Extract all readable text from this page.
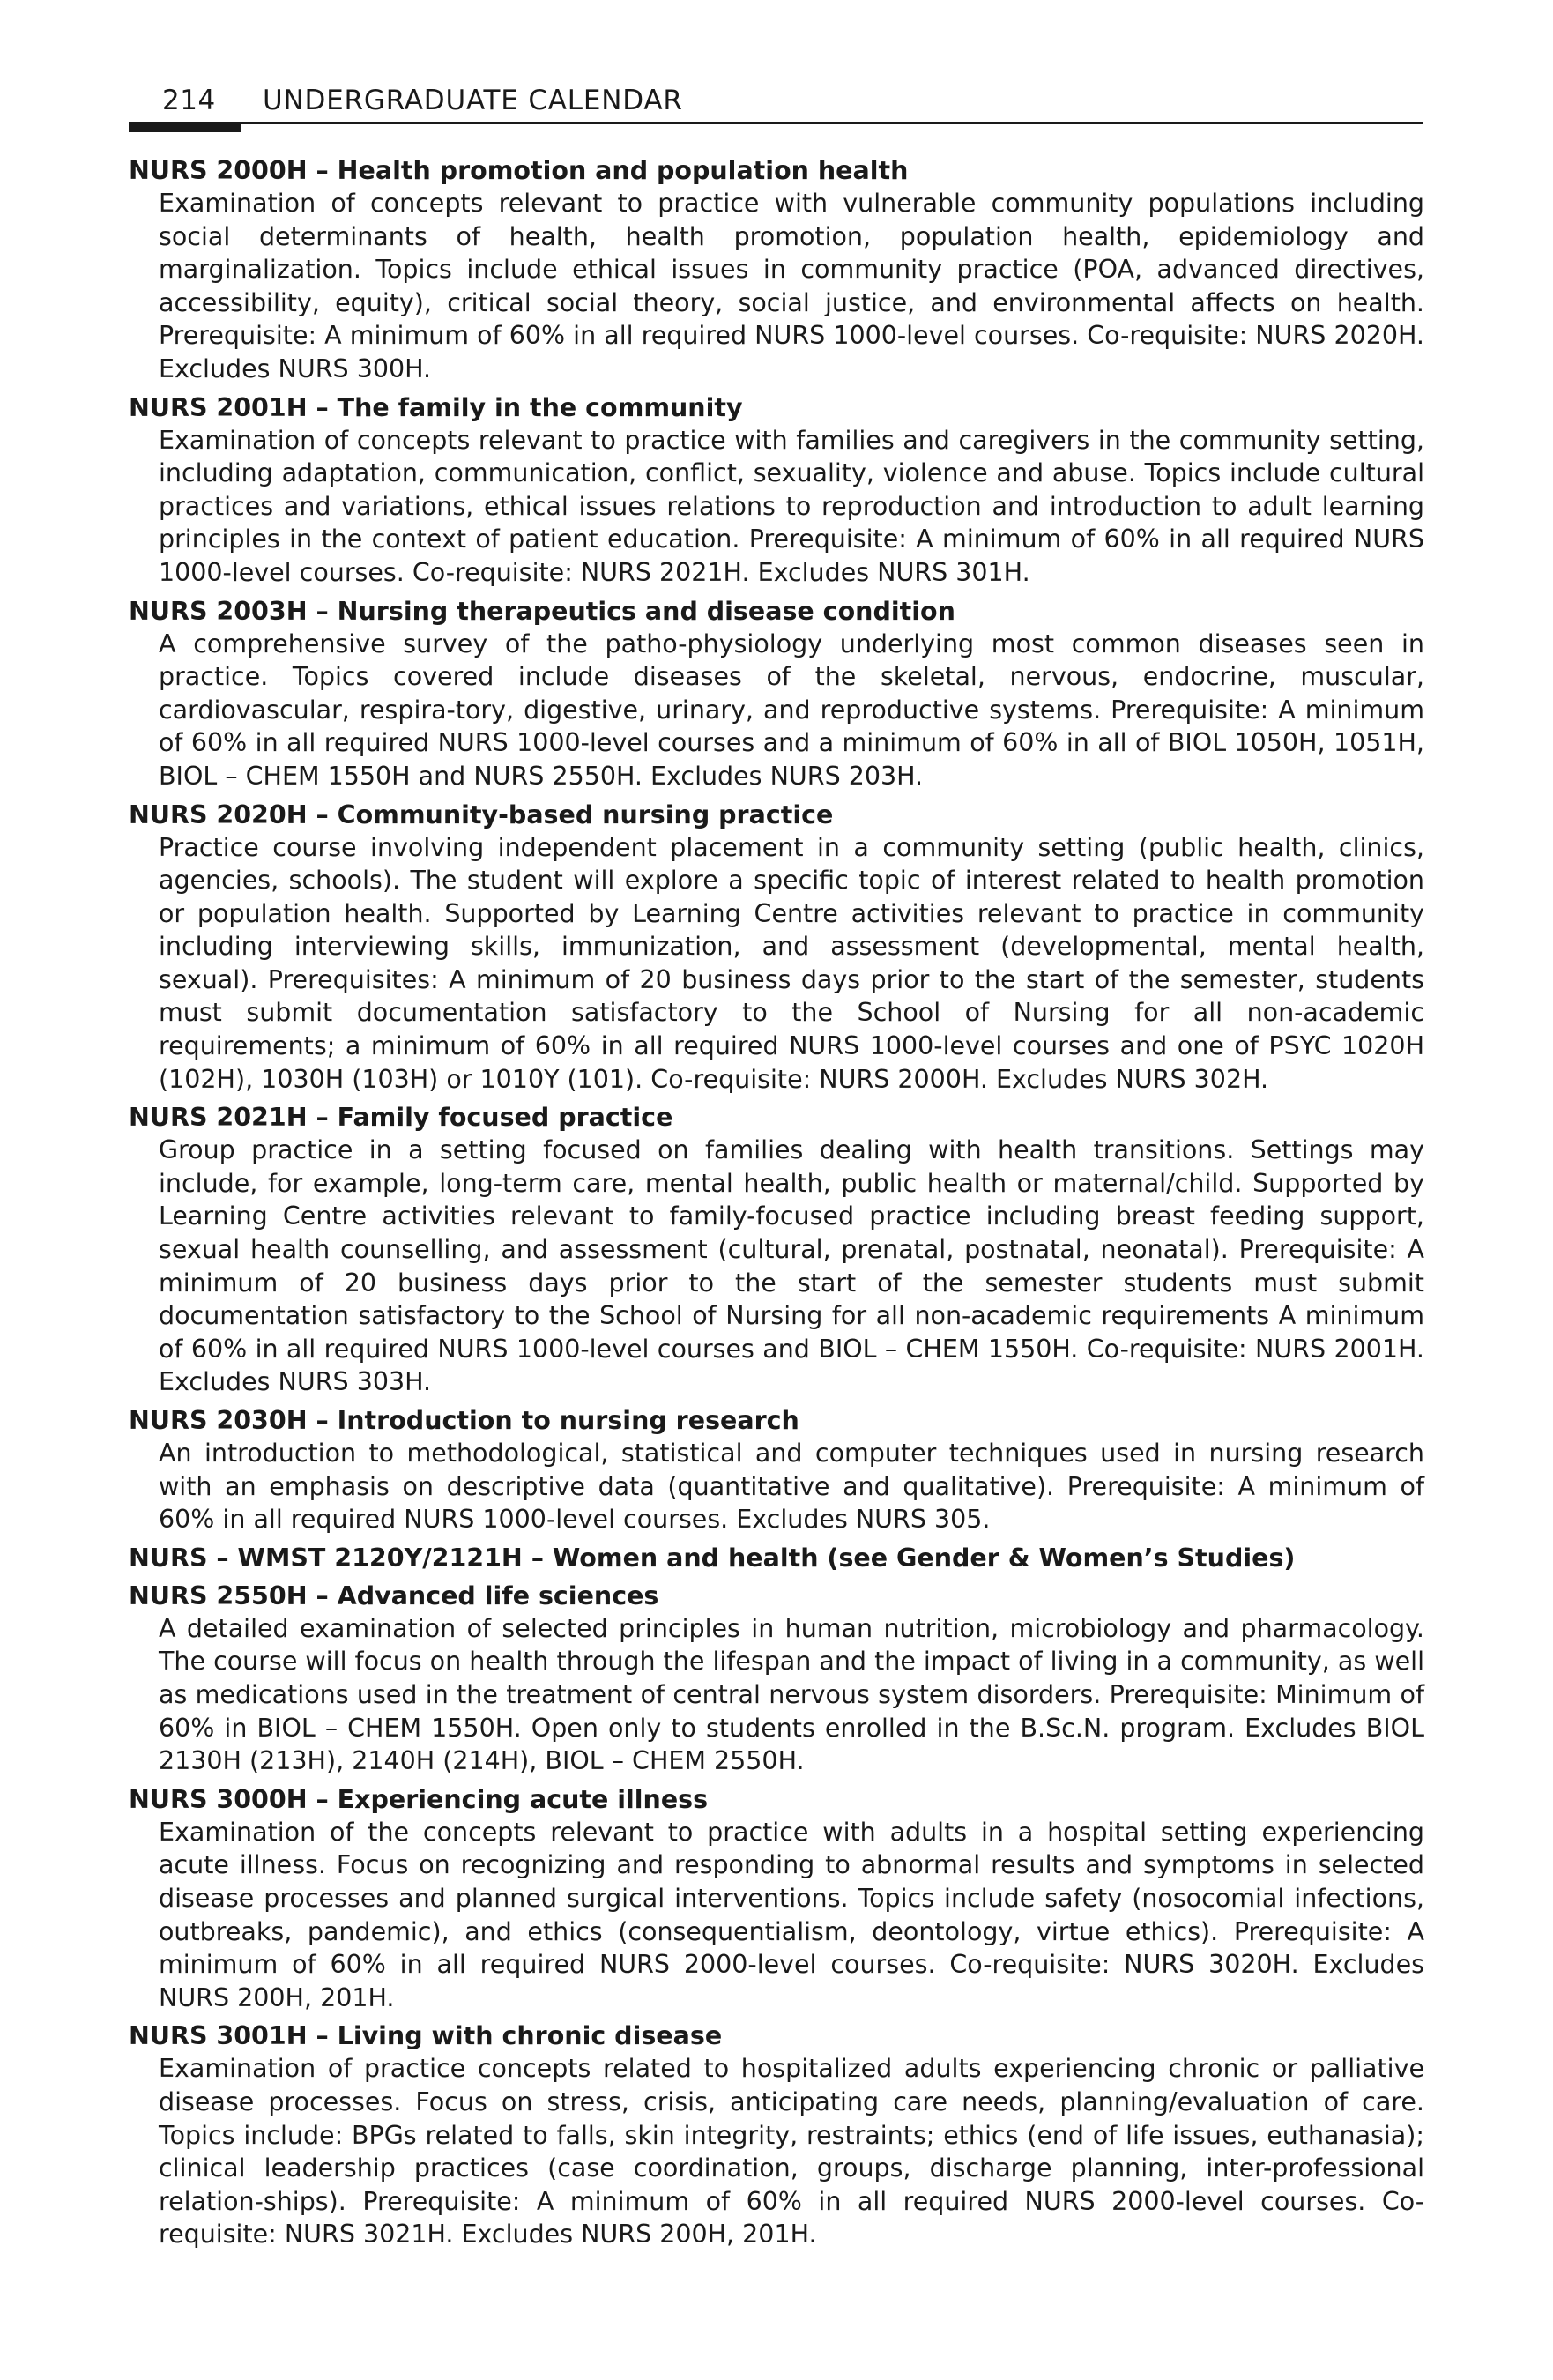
214 UNDERGRADUATE CALENDAR
NURS 2000H – Health promotion and population health
Examination of concepts relevant to practice with vulnerable community populations including social determinants of health, health promotion, population health, epidemiology and marginalization. Topics include ethical issues in community practice (POA, advanced directives, accessibility, equity), critical social theory, social justice, and environmental affects on health. Prerequisite: A minimum of 60% in all required NURS 1000-level courses. Co-requisite: NURS 2020H. Excludes NURS 300H.
NURS 2001H – The family in the community
Examination of concepts relevant to practice with families and caregivers in the community setting, including adaptation, communication, conflict, sexuality, violence and abuse. Topics include cultural practices and variations, ethical issues relations to reproduction and introduction to adult learning principles in the context of patient education. Prerequisite: A minimum of 60% in all required NURS 1000-level courses. Co-requisite: NURS 2021H. Excludes NURS 301H.
NURS 2003H – Nursing therapeutics and disease condition
A comprehensive survey of the patho-physiology underlying most common diseases seen in practice. Topics covered include diseases of the skeletal, nervous, endocrine, muscular, cardiovascular, respira-tory, digestive, urinary, and reproductive systems. Prerequisite: A minimum of 60% in all required NURS 1000-level courses and a minimum of 60% in all of BIOL 1050H, 1051H, BIOL – CHEM 1550H and NURS 2550H. Excludes NURS 203H.
NURS 2020H – Community-based nursing practice
Practice course involving independent placement in a community setting (public health, clinics, agencies, schools). The student will explore a specific topic of interest related to health promotion or population health. Supported by Learning Centre activities relevant to practice in community including interviewing skills, immunization, and assessment (developmental, mental health, sexual). Prerequisites: A minimum of 20 business days prior to the start of the semester, students must submit documentation satisfactory to the School of Nursing for all non-academic requirements; a minimum of 60% in all required NURS 1000-level courses and one of PSYC 1020H (102H), 1030H (103H) or 1010Y (101). Co-requisite: NURS 2000H. Excludes NURS 302H.
NURS 2021H – Family focused practice
Group practice in a setting focused on families dealing with health transitions. Settings may include, for example, long-term care, mental health, public health or maternal/child. Supported by Learning Centre activities relevant to family-focused practice including breast feeding support, sexual health counselling, and assessment (cultural, prenatal, postnatal, neonatal). Prerequisite: A minimum of 20 business days prior to the start of the semester students must submit documentation satisfactory to the School of Nursing for all non-academic requirements A minimum of 60% in all required NURS 1000-level courses and BIOL – CHEM 1550H. Co-requisite: NURS 2001H. Excludes NURS 303H.
NURS 2030H – Introduction to nursing research
An introduction to methodological, statistical and computer techniques used in nursing research with an emphasis on descriptive data (quantitative and qualitative). Prerequisite: A minimum of 60% in all required NURS 1000-level courses. Excludes NURS 305.
NURS – WMST 2120Y/2121H – Women and health (see Gender & Women’s Studies)
NURS 2550H – Advanced life sciences
A detailed examination of selected principles in human nutrition, microbiology and pharmacology. The course will focus on health through the lifespan and the impact of living in a community, as well as medications used in the treatment of central nervous system disorders. Prerequisite: Minimum of 60% in BIOL – CHEM 1550H. Open only to students enrolled in the B.Sc.N. program. Excludes BIOL 2130H (213H), 2140H (214H), BIOL – CHEM 2550H.
NURS 3000H – Experiencing acute illness
Examination of the concepts relevant to practice with adults in a hospital setting experiencing acute illness. Focus on recognizing and responding to abnormal results and symptoms in selected disease processes and planned surgical interventions. Topics include safety (nosocomial infections, outbreaks, pandemic), and ethics (consequentialism, deontology, virtue ethics). Prerequisite: A minimum of 60% in all required NURS 2000-level courses. Co-requisite: NURS 3020H. Excludes NURS 200H, 201H.
NURS 3001H – Living with chronic disease
Examination of practice concepts related to hospitalized adults experiencing chronic or palliative disease processes. Focus on stress, crisis, anticipating care needs, planning/evaluation of care. Topics include: BPGs related to falls, skin integrity, restraints; ethics (end of life issues, euthanasia); clinical leadership practices (case coordination, groups, discharge planning, inter-professional relation-ships). Prerequisite: A minimum of 60% in all required NURS 2000-level courses. Co-requisite: NURS 3021H. Excludes NURS 200H, 201H.
